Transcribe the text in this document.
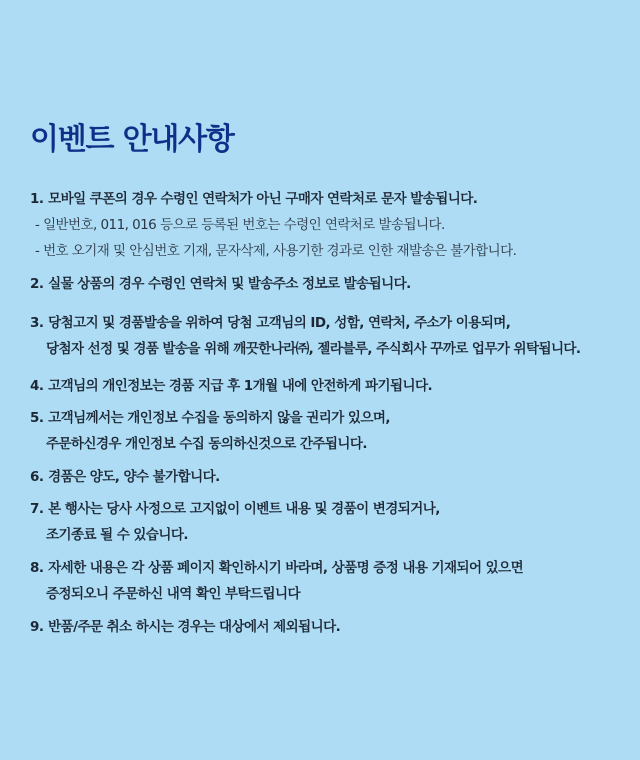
이벤트 안내사항
1. 모바일 쿠폰의 경우 수령인 연락처가 아닌 구매자 연락처로 문자 발송됩니다.
- 일반번호, 011, 016 등으로 등록된 번호는 수령인 연락처로 발송됩니다.
- 번호 오기재 및 안심번호 기재, 문자삭제, 사용기한 경과로 인한 재발송은 불가합니다.
2. 실물 상품의 경우 수령인 연락처 및 발송주소 정보로 발송됩니다.
3. 당첨고지 및 경품발송을 위하여 당첨 고객님의 ID, 성함, 연락처, 주소가 이용되며,
당첨자 선정 및 경품 발송을 위해 깨끗한나라㈜, 젤라블루, 주식회사 꾸까로 업무가 위탁됩니다.
4. 고객님의 개인정보는 경품 지급 후 1개월 내에 안전하게 파기됩니다.
5. 고객님께서는 개인정보 수집을 동의하지 않을 권리가 있으며,
주문하신경우 개인정보 수집 동의하신것으로 간주됩니다.
6. 경품은 양도, 양수 불가합니다.
7. 본 행사는 당사 사정으로 고지없이 이벤트 내용 및 경품이 변경되거나,
조기종료 될 수 있습니다.
8. 자세한 내용은 각 상품 페이지 확인하시기 바라며, 상품명 증정 내용 기재되어 있으면
증정되오니 주문하신 내역 확인 부탁드립니다
9. 반품/주문 취소 하시는 경우는 대상에서 제외됩니다.
